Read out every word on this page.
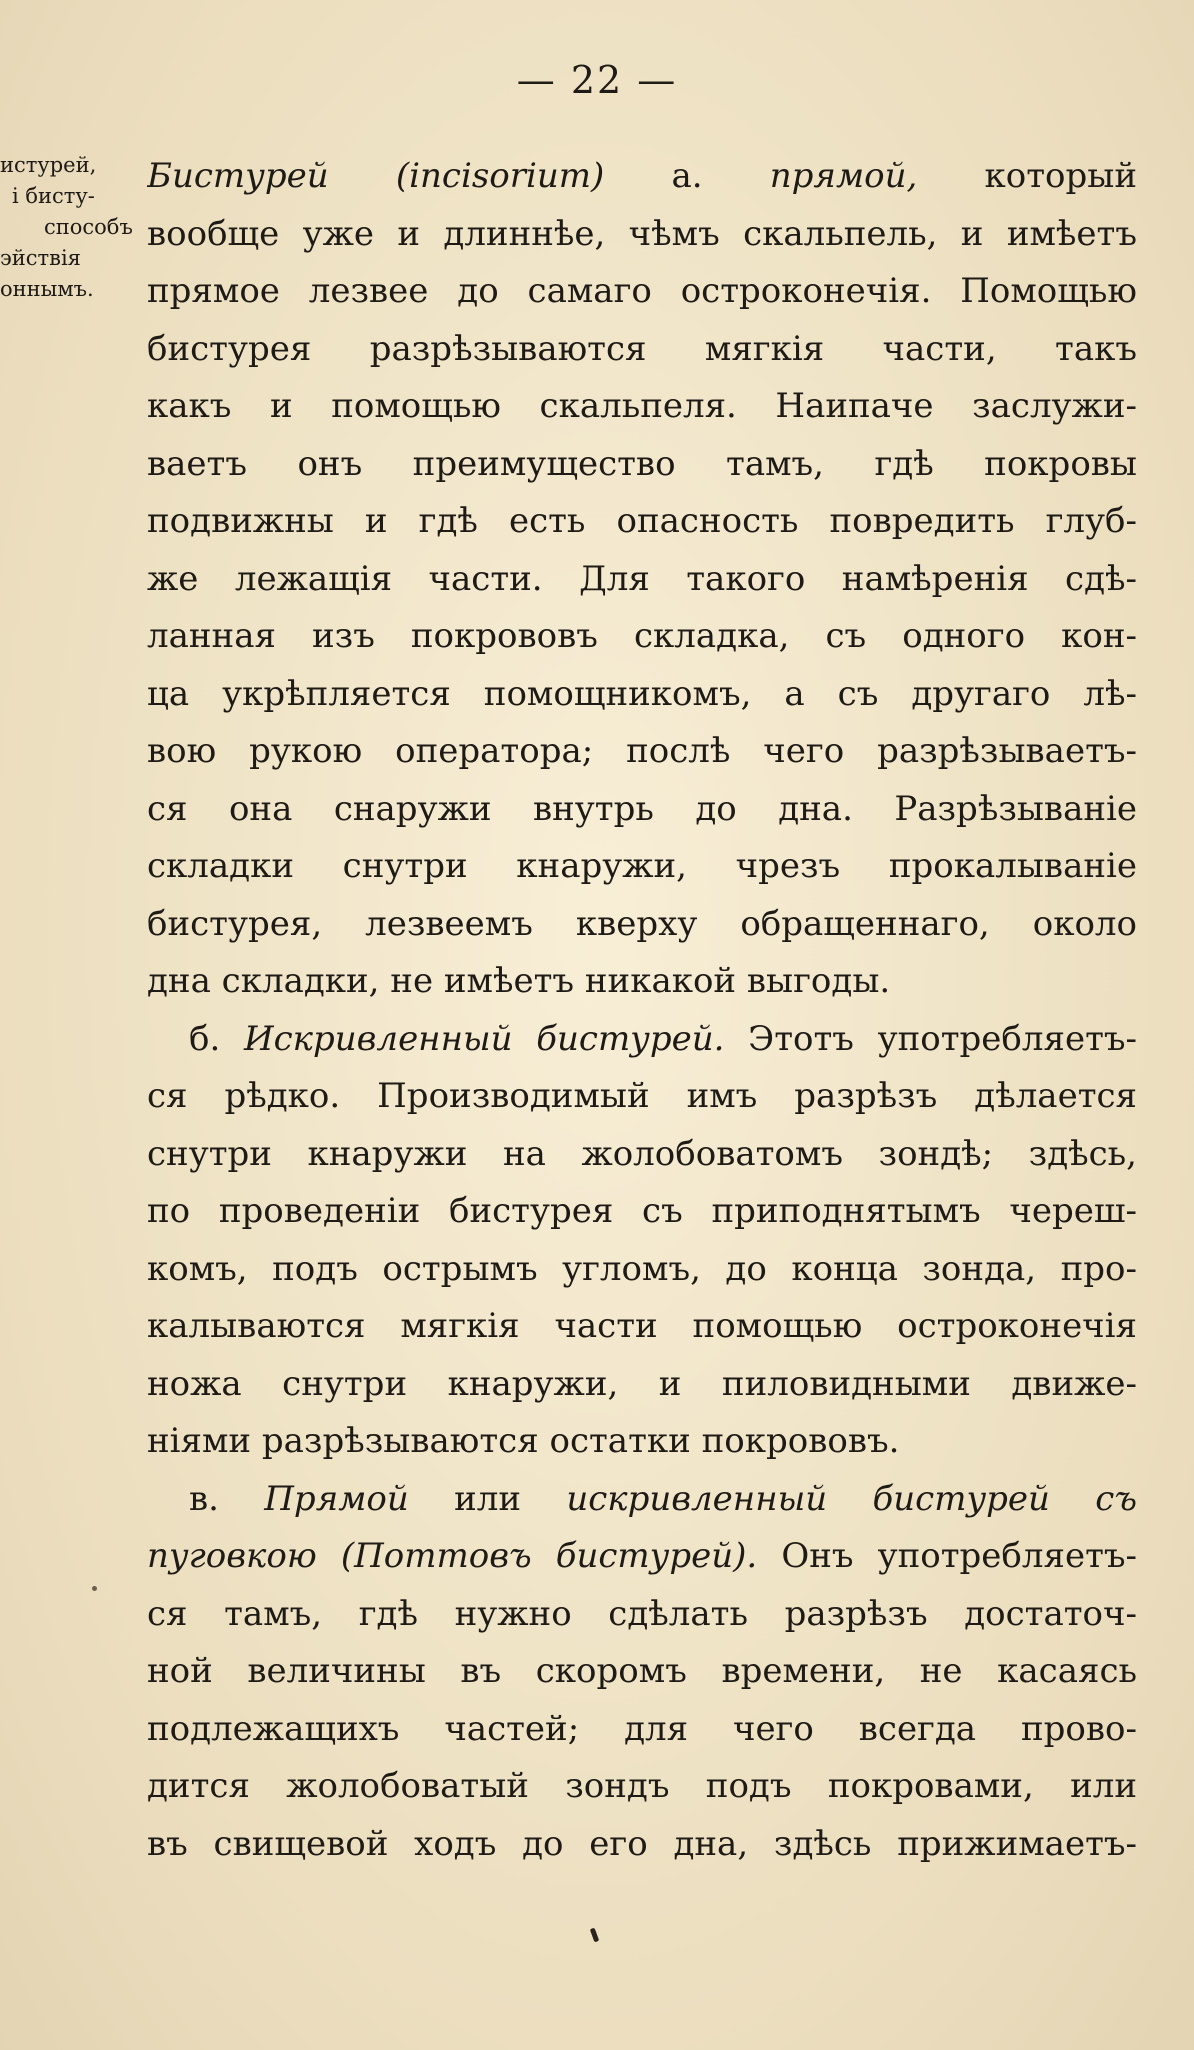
— 22 —
истурей,
і бисту-
способъ
эйствія
оннымъ.
Бистурей (incisorium) а. прямой, который
вообще уже и длиннѣе, чѣмъ скальпель, и имѣетъ
прямое лезвее до самаго остроконечія. Помощью
бистурея разрѣзываются мягкія части, такъ
какъ и помощью скальпеля. Наипаче заслужи-
ваетъ онъ преимущество тамъ, гдѣ покровы
подвижны и гдѣ есть опасность повредить глуб-
же лежащія части. Для такого намѣренія сдѣ-
ланная изъ покрововъ складка, съ одного кон-
ца укрѣпляется помощникомъ, а съ другаго лѣ-
вою рукою оператора; послѣ чего разрѣзываетъ-
ся она снаружи внутрь до дна. Разрѣзываніе
складки снутри кнаружи, чрезъ прокалываніе
бистурея, лезвеемъ кверху обращеннаго, около
дна складки, не имѣетъ никакой выгоды.
б. Искривленный бистурей. Этотъ употребляетъ-
ся рѣдко. Производимый имъ разрѣзъ дѣлается
снутри кнаружи на жолобоватомъ зондѣ; здѣсь,
по проведеніи бистурея съ приподнятымъ череш-
комъ, подъ острымъ угломъ, до конца зонда, про-
калываются мягкія части помощью остроконечія
ножа снутри кнаружи, и пиловидными движе-
ніями разрѣзываются остатки покрововъ.
в. Прямой или искривленный бистурей съ
пуговкою (Поттовъ бистурей). Онъ употребляетъ-
ся тамъ, гдѣ нужно сдѣлать разрѣзъ достаточ-
ной величины въ скоромъ времени, не касаясь
подлежащихъ частей; для чего всегда прово-
дится жолобоватый зондъ подъ покровами, или
въ свищевой ходъ до его дна, здѣсь прижимаетъ-
